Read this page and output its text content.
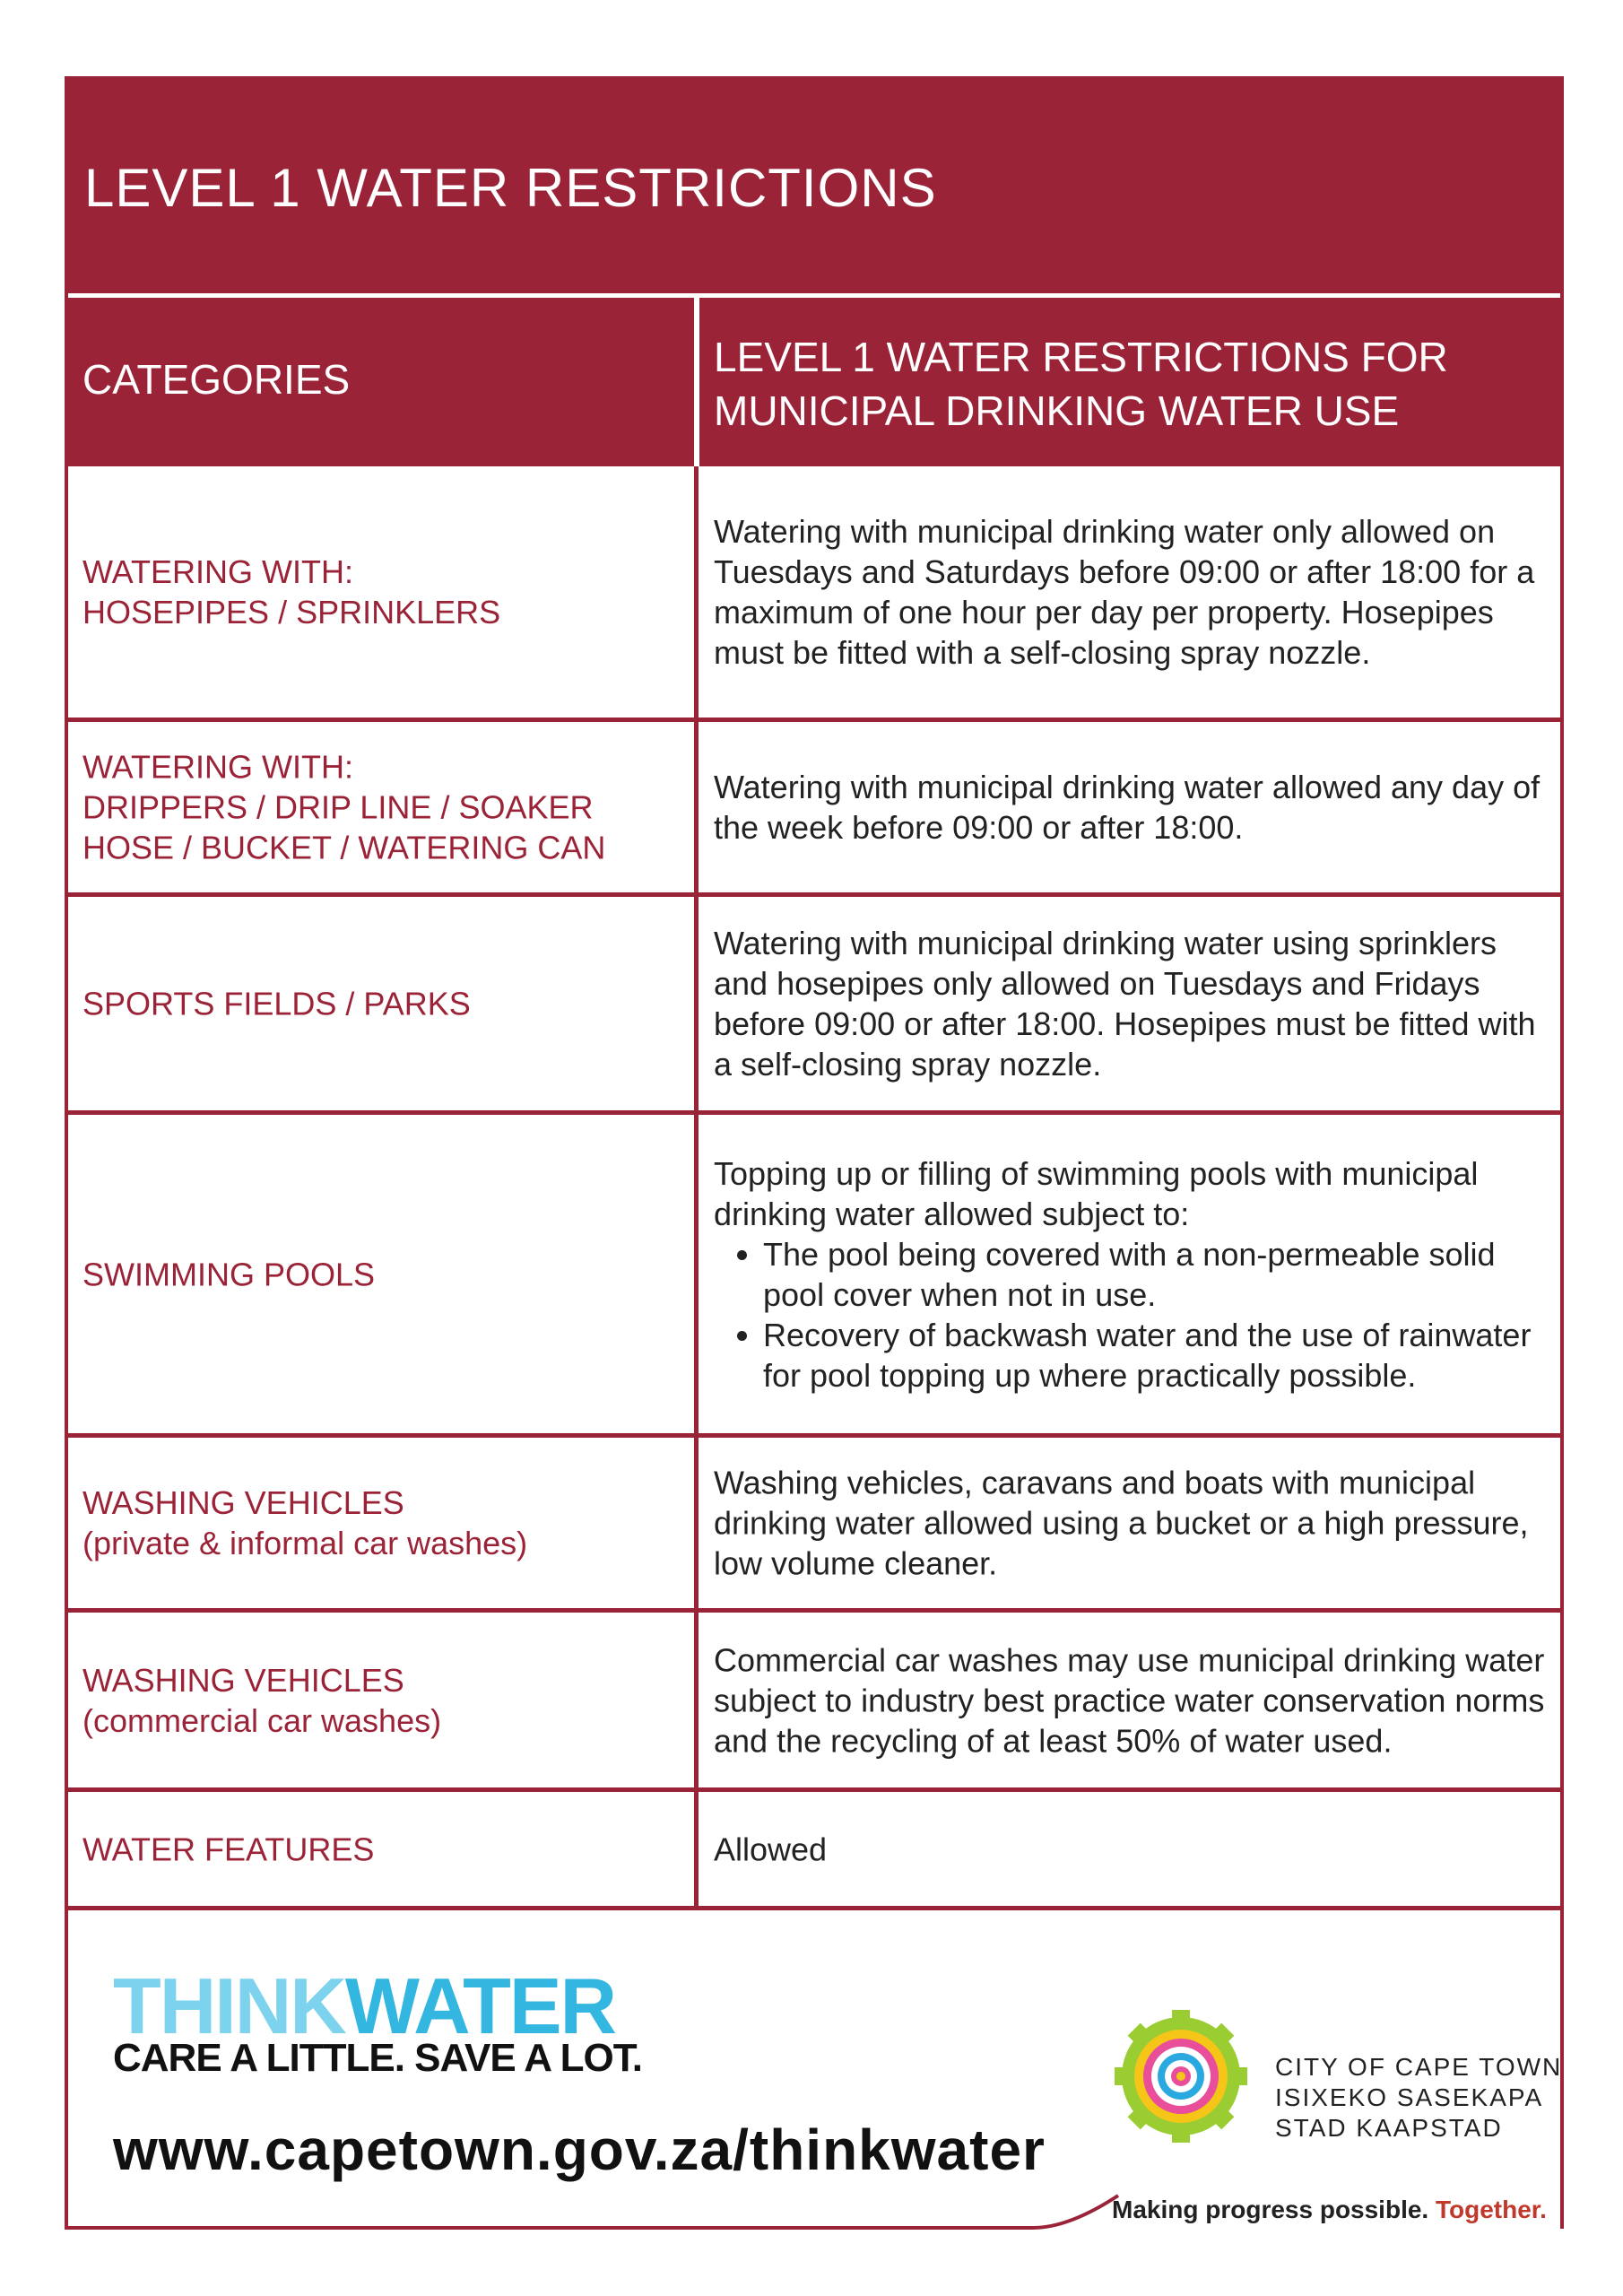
LEVEL 1 WATER RESTRICTIONS
CATEGORIES	LEVEL 1 WATER RESTRICTIONS FOR MUNICIPAL DRINKING WATER USE
WATERING WITH:
HOSEPIPES / SPRINKLERS
Watering with municipal drinking water only allowed on Tuesdays and Saturdays before 09:00 or after 18:00 for a maximum of one hour per day per property. Hosepipes must be fitted with a self-closing spray nozzle.
WATERING WITH:
DRIPPERS / DRIP LINE / SOAKER HOSE / BUCKET / WATERING CAN
Watering with municipal drinking water allowed any day of the week before 09:00 or after 18:00.
SPORTS FIELDS / PARKS
Watering with municipal drinking water using sprinklers and hosepipes only allowed on Tuesdays and Fridays before 09:00 or after 18:00. Hosepipes must be fitted with a self-closing spray nozzle.
SWIMMING POOLS
Topping up or filling of swimming pools with municipal drinking water allowed subject to:
• The pool being covered with a non-permeable solid pool cover when not in use.
• Recovery of backwash water and the use of rainwater for pool topping up where practically possible.
WASHING VEHICLES
(private & informal car washes)
Washing vehicles, caravans and boats with municipal drinking water allowed using a bucket or a high pressure, low volume cleaner.
WASHING VEHICLES
(commercial car washes)
Commercial car washes may use municipal drinking water subject to industry best practice water conservation norms and the recycling of at least 50% of water used.
WATER FEATURES	Allowed
THINKWATER
CARE A LITTLE. SAVE A LOT.
www.capetown.gov.za/thinkwater
CITY OF CAPE TOWN
ISIXEKO SASEKAPA
STAD KAAPSTAD
Making progress possible. Together.
